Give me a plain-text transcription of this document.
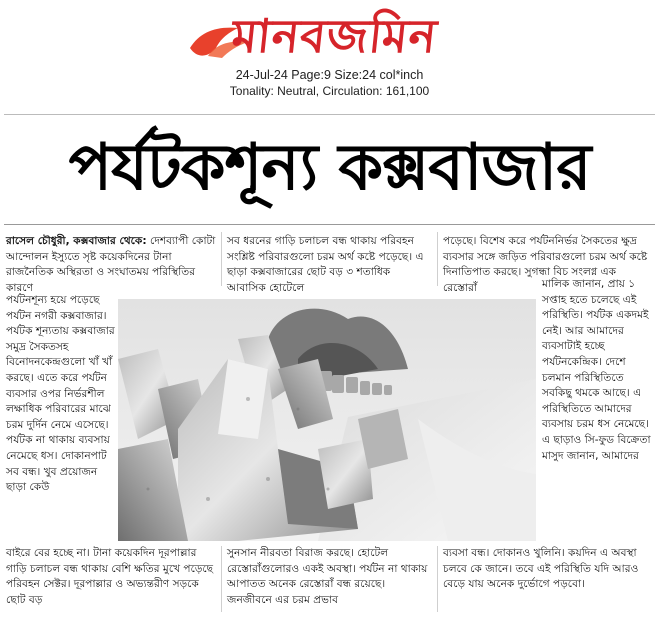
মানবজমিন
24-Jul-24 Page:9 Size:24 col*inch
Tonality: Neutral, Circulation: 161,100
পর্যটকশূন্য কক্সবাজার

রাসেল চৌধুরী, কক্সবাজার থেকে: দেশব্যাপী কোটা আন্দোলন ইস্যুতে সৃষ্ট কয়েকদিনের টানা রাজনৈতিক অস্থিরতা ও সংঘাতময় পরিস্থিতির কারণে

পর্যটনশূন্য হয়ে পড়েছে পর্যটন নগরী কক্সবাজার। পর্যটক শূন্যতায় কক্সবাজার সমুদ্র সৈকতসহ বিনোদনকেন্দ্রগুলো খাঁ খাঁ করছে। এতে করে পর্যটন ব্যবসার ওপর নির্ভরশীল লক্ষাধিক পরিবারের মাঝে চরম দুর্দিন নেমে এসেছে। পর্যটক না থাকায় ব্যবসায় নেমেছে ধস। দোকানপাট সব বন্ধ। খুব প্রয়োজন ছাড়া কেউ

বাইরে বের হচ্ছে না। টানা কয়েকদিন দূরপাল্লার গাড়ি চলাচল বন্ধ থাকায় বেশি ক্ষতির মুখে পড়েছে পরিবহন সেক্টর। দূরপাল্লার ও অভ্যন্তরীণ সড়কে ছোট বড়

সব ধরনের গাড়ি চলাচল বন্ধ থাকায় পরিবহন সংশ্লিষ্ট পরিবারগুলো চরম অর্থ কষ্টে পড়েছে। এ ছাড়া কক্সবাজারের ছোট বড় ৩ শতাধিক আবাসিক হোটেলে

সুনসান নীরবতা বিরাজ করছে। হোটেল রেস্তোরাঁগুলোরও একই অবস্থা। পর্যটন না থাকায় আপাতত অনেক রেস্তোরাঁ বন্ধ রয়েছে। জনজীবনে এর চরম প্রভাব

পড়েছে। বিশেষ করে পর্যটননির্ভর সৈকতের ক্ষুদ্র ব্যবসার সঙ্গে জড়িত পরিবারগুলো চরম অর্থ কষ্টে দিনাতিপাত করছে। সুগন্ধা বিচ সংলগ্ন এক রেস্তোরাঁ	মালিক জানান, প্রায় ১ সপ্তাহ হতে চলেছে এই পরিস্থিতি। পর্যটক একদমই নেই। আর আমাদের ব্যবসাটাই হচ্ছে পর্যটনকেন্দ্রিক। দেশে চলমান পরিস্থিতিতে সবকিছু থমকে আছে। এ পরিস্থিতিতে আমাদের ব্যবসায় চরম ধস নেমেছে। এ ছাড়াও সি-ফুড বিক্রেতা মাসুদ জানান, আমাদের

ব্যবসা বন্ধ। দোকানও খুলিনি। কয়দিন এ অবস্থা চলবে কে জানে। তবে এই পরিস্থিতি যদি আরও বেড়ে যায় অনেক দুর্ভোগে পড়বো।
